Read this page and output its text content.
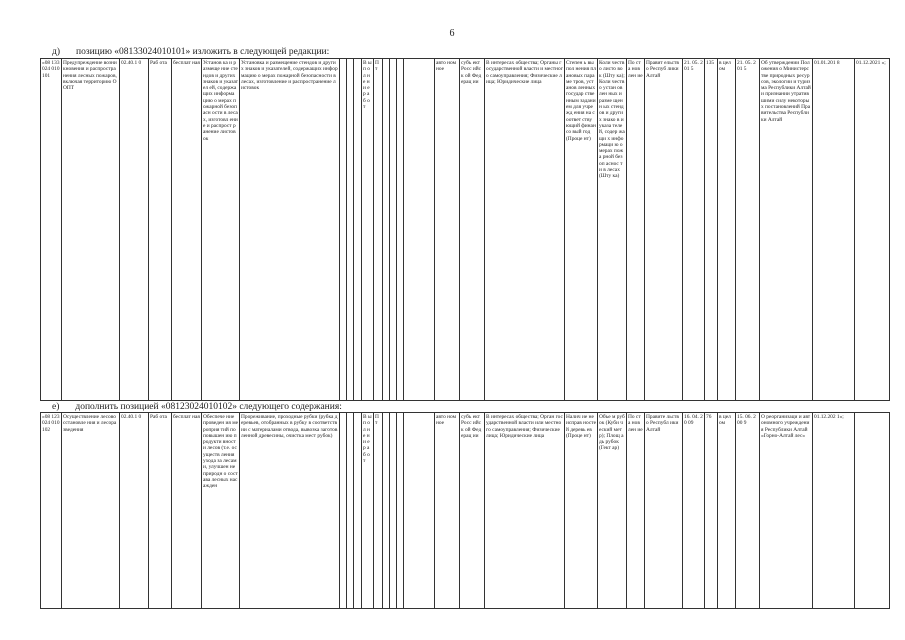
6
д) позицию «0813302401010​1» изложить в следующей редакции:
«08 133 024 010 101	Предупреждение возникновения и распространения лесных пожаров, включая территорию ООПТ	02.40.1 0	Раб ота	бесплат ная	Установ ка и размеще ние стендов и других знаков и указател ей, содержа щих информа цию о мерах пожарной безопасн ости в лесах, изготовл ение и распрост ранение листовок	Установка и размещение стендов и других знаков и указателей, содержащих информацию о мерах пожарной безопасности в лесах, изготовление и распространение листовок				В ы п о л н е н и е р а б о т	П т					авто ном ное	субъ ект Росс ийск ой Фед ерац ии	В интересах общества; Органы государственной власти и местного самоуправления; Физические лица; Юридические лица	Степен ь выпол нения плановых параме тров, установ ленных государ ственным задани ем для учрежд ения на соответ ствующий финансо вый год (Проце нт)	Коли честв о листо вок (Шту ка); Коли честв о устан овлен ных и разме щенн ых стенд ов и други х знако в и указа телей, содер жащи х инфо рмаци ю о мерах пожа рной безоп аснос ти в лесах (Шту ка)	По ста нов лен ие	Правит ельство Респуб лики Алтай	21. 05. 201 5	135	в цел ом	21. 05. 201 5	Об утверждении Положения о Министерстве природных ресурсов, экологии и туризма Республики Алтай и признании утратившими силу некоторых постановлений Правительства Республики Алтай	01.01.201 8	01.12.2021 »;
е) дополнить позицией «08123024010102» следующего содержания:
«08 123 024 010 102	Осуществление лесовосстановле ния и лесоразведения	02.40.1 0	Раб ота	бесплат ная	Обеспече ние проведен ия мероприя тий по повышен ию продукти вности лесов (т.е. осуществ ления ухода за лесами, улучшен не природн о состава лесных насажден	Прореживание, проходные рубки (рубка деревьев, отобранных в рубку в соответствии с материалами отвода, вывозка заготовленной древесины, очистка мест рубок)				В ы п о л н е н и е р а б о т	П т					авто ном ное	субъ ект Росс ийск ой Фед ерац ии	В интересах общества; Орган государственной власти или местного самоуправления; Физические лица; Юридические лица	Налич ие неисправ ностей деревь ев (Проце нт)	Объе м рубок (Куби ческий метр); Площ адь рубок (Гект ар)	По ста нов лен ие	Правите льство Республ ики Алтай	16. 04. 20 09	76	в цел ом	15. 06. 200 9	О реорганизаци и автономного учреждения Республики Алтай «Горно-Алтай лес»	01.12.202 1»;	
